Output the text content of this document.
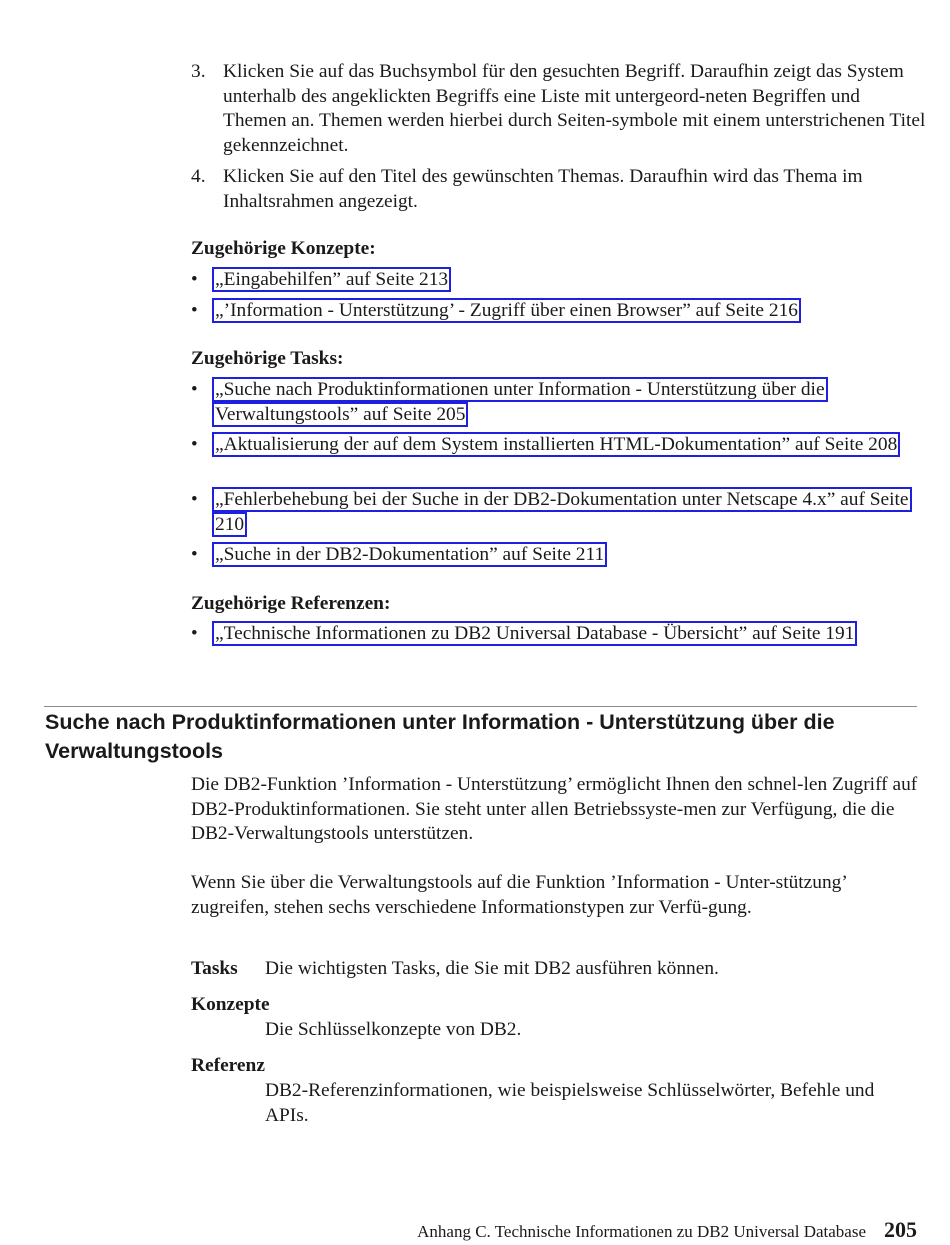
3. Klicken Sie auf das Buchsymbol für den gesuchten Begriff. Daraufhin zeigt das System unterhalb des angeklickten Begriffs eine Liste mit untergeord-neten Begriffen und Themen an. Themen werden hierbei durch Seiten-symbole mit einem unterstrichenen Titel gekennzeichnet.
4. Klicken Sie auf den Titel des gewünschten Themas. Daraufhin wird das Thema im Inhaltsrahmen angezeigt.
Zugehörige Konzepte:
• „Eingabehilfen” auf Seite 213
• „’Information - Unterstützung’ - Zugriff über einen Browser” auf Seite 216
Zugehörige Tasks:
• „Suche nach Produktinformationen unter Information - Unterstützung über die Verwaltungstools” auf Seite 205
• „Aktualisierung der auf dem System installierten HTML-Dokumentation” auf Seite 208
• „Fehlerbehebung bei der Suche in der DB2-Dokumentation unter Netscape 4.x” auf Seite 210
• „Suche in der DB2-Dokumentation” auf Seite 211
Zugehörige Referenzen:
• „Technische Informationen zu DB2 Universal Database - Übersicht” auf Seite 191
Suche nach Produktinformationen unter Information - Unterstützung über die Verwaltungstools
Die DB2-Funktion ’Information - Unterstützung’ ermöglicht Ihnen den schnel-len Zugriff auf DB2-Produktinformationen. Sie steht unter allen Betriebssyste-men zur Verfügung, die die DB2-Verwaltungstools unterstützen.
Wenn Sie über die Verwaltungstools auf die Funktion ’Information - Unter-stützung’ zugreifen, stehen sechs verschiedene Informationstypen zur Verfü-gung.
Tasks Die wichtigsten Tasks, die Sie mit DB2 ausführen können.
Konzepte
Die Schlüsselkonzepte von DB2.
Referenz
DB2-Referenzinformationen, wie beispielsweise Schlüsselwörter, Befehle und APIs.
Anhang C. Technische Informationen zu DB2 Universal Database 205
